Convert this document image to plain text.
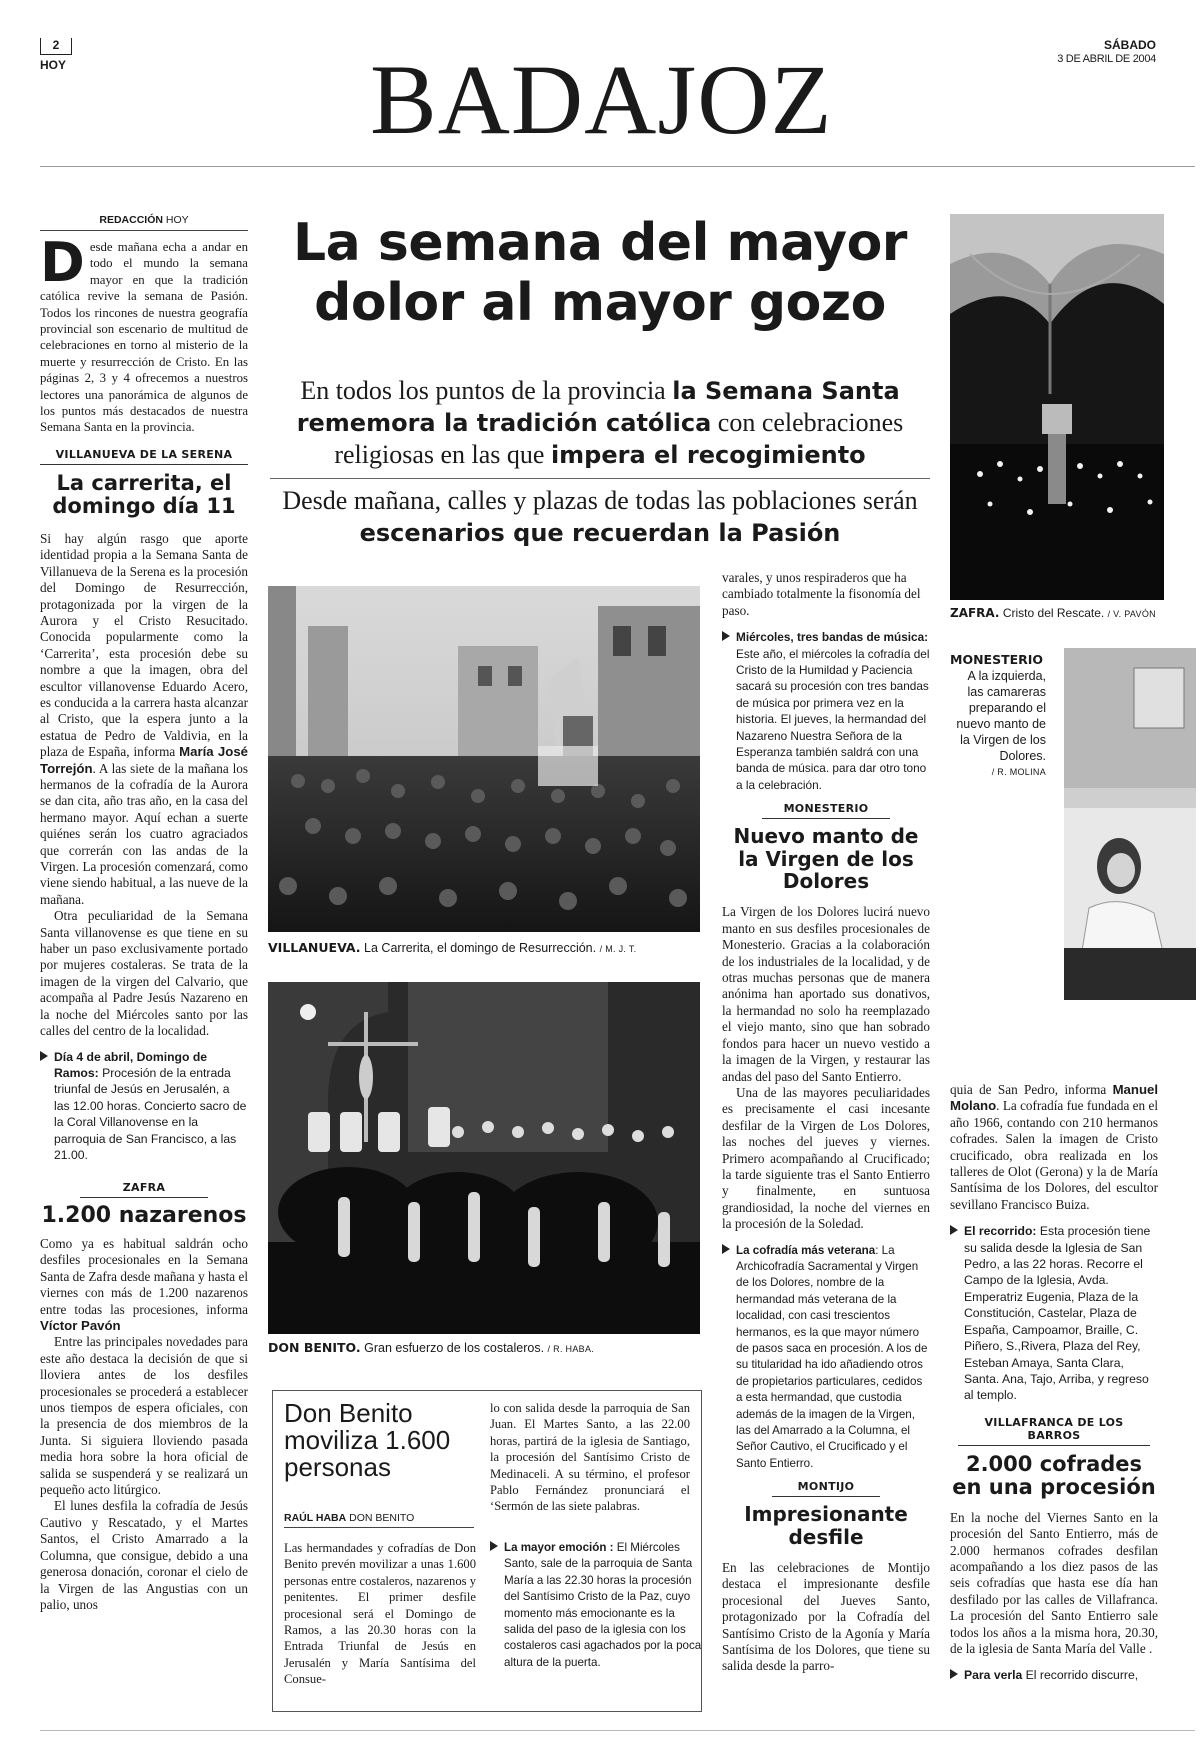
2
HOY
SÁBADO
3 DE ABRIL DE 2004
BADAJOZ
REDACCIÓN HOY

Desde mañana echa a andar en todo el mundo la semana mayor en que la tradición católica revive la semana de Pasión. Todos los rincones de nuestra geografía provincial son escenario de multitud de celebraciones en torno al misterio de la muerte y resurrección de Cristo. En las páginas 2, 3 y 4 ofrecemos a nuestros lectores una panorámica de algunos de los puntos más destacados de nuestra Semana Santa en la provincia.

VILLANUEVA DE LA SERENA
La carrerita, el domingo día 11

Si hay algún rasgo que aporte identidad propia a la Semana Santa de Villanueva de la Serena es la procesión del Domingo de Resurrección, protagonizada por la virgen de la Aurora y el Cristo Resucitado. Conocida popularmente como la ‘Carrerita’, esta procesión debe su nombre a que la imagen, obra del escultor villanovense Eduardo Acero, es conducida a la carrera hasta alcanzar al Cristo, que la espera junto a la estatua de Pedro de Valdivia, en la plaza de España, informa María José Torrejón. A las siete de la mañana los hermanos de la cofradía de la Aurora se dan cita, año tras año, en la casa del hermano mayor. Aquí echan a suerte quiénes serán los cuatro agraciados que correrán con las andas de la Virgen. La procesión comenzará, como viene siendo habitual, a las nueve de la mañana.

Otra peculiaridad de la Semana Santa villanovense es que tiene en su haber un paso exclusivamente portado por mujeres costaleras. Se trata de la imagen de la virgen del Calvario, que acompaña al Padre Jesús Nazareno en la noche del Miércoles santo por las calles del centro de la localidad.

Día 4 de abril, Domingo de Ramos: Procesión de la entrada triunfal de Jesús en Jerusalén, a las 12.00 horas. Concierto sacro de la Coral Villanovense en la parroquia de San Francisco, a las 21.00.

ZAFRA
1.200 nazarenos

Como ya es habitual saldrán ocho desfiles procesionales en la Semana Santa de Zafra desde mañana y hasta el viernes con más de 1.200 nazarenos entre todas las procesiones, informa Víctor Pavón

Entre las principales novedades para este año destaca la decisión de que si lloviera antes de los desfiles procesionales se procederá a establecer unos tiempos de espera oficiales, con la presencia de dos miembros de la Junta. Si siguiera lloviendo pasada media hora sobre la hora oficial de salida se suspenderá y se realizará un pequeño acto litúrgico.

El lunes desfila la cofradía de Jesús Cautivo y Rescatado, y el Martes Santos, el Cristo Amarrado a la Columna, que consigue, debido a una generosa donación, coronar el cielo de la Virgen de las Angustias con un palio, unos

La semana del mayor dolor al mayor gozo
En todos los puntos de la provincia la Semana Santa rememora la tradición católica con celebraciones religiosas en las que impera el recogimiento
Desde mañana, calles y plazas de todas las poblaciones serán escenarios que recuerdan la Pasión
VILLANUEVA. La Carrerita, el domingo de Resurrección. / M. J. T.
DON BENITO. Gran esfuerzo de los costaleros. / R. HABA.
Don Benito moviliza 1.600 personas
RAÚL HABA DON BENITO

Las hermandades y cofradías de Don Benito prevén movilizar a unas 1.600 personas entre costaleros, nazarenos y penitentes. El primer desfile procesional será el Domingo de Ramos, a las 20.30 horas con la Entrada Triunfal de Jesús en Jerusalén y María Santísima del Consue-

lo con salida desde la parroquia de San Juan. El Martes Santo, a las 22.00 horas, partirá de la iglesia de Santiago, la procesión del Santísimo Cristo de Medinaceli. A su término, el profesor Pablo Fernández pronunciará el ‘Sermón de las siete palabras.

La mayor emoción : El Miércoles Santo, sale de la parroquia de Santa María a las 22.30 horas la procesión del Santísimo Cristo de la Paz, cuyo momento más emocionante es la salida del paso de la iglesia con los costaleros casi agachados por la poca altura de la puerta.

varales, y unos respiraderos que ha cambiado totalmente la fisonomía del paso.

Miércoles, tres bandas de música: Este año, el miércoles la cofradía del Cristo de la Humildad y Paciencia sacará su procesión con tres bandas de música por primera vez en la historia. El jueves, la hermandad del Nazareno Nuestra Señora de la Esperanza también saldrá con una banda de música. para dar otro tono a la celebración.

MONESTERIO
Nuevo manto de la Virgen de los Dolores

La Virgen de los Dolores lucirá nuevo manto en sus desfiles procesionales de Monesterio. Gracias a la colaboración de los industriales de la localidad, y de otras muchas personas que de manera anónima han aportado sus donativos, la hermandad no solo ha reemplazado el viejo manto, sino que han sobrado fondos para hacer un nuevo vestido a la imagen de la Virgen, y restaurar las andas del paso del Santo Entierro.

Una de las mayores peculiaridades es precisamente el casi incesante desfilar de la Virgen de Los Dolores, las noches del jueves y viernes. Primero acompañando al Crucificado; la tarde siguiente tras el Santo Entierro y finalmente, en suntuosa grandiosidad, la noche del viernes en la procesión de la Soledad.

La cofradía más veterana: La Archicofradía Sacramental y Virgen de los Dolores, nombre de la hermandad más veterana de la localidad, con casi trescientos hermanos, es la que mayor número de pasos saca en procesión. A los de su titularidad ha ido añadiendo otros de propietarios particulares, cedidos a esta hermandad, que custodia además de la imagen de la Virgen, las del Amarrado a la Columna, el Señor Cautivo, el Crucificado y el Santo Entierro.

MONTIJO
Impresionante desfile

En las celebraciones de Montijo destaca el impresionante desfile procesional del Jueves Santo, protagonizado por la Cofradía del Santísimo Cristo de la Agonía y María Santísima de los Dolores, que tiene su salida desde la parro-

ZAFRA. Cristo del Rescate. / V. PAVÓN
MONESTERIO
A la izquierda, las camareras preparando el nuevo manto de la Virgen de los Dolores.
/ R. MOLINA

quia de San Pedro, informa Manuel Molano. La cofradía fue fundada en el año 1966, contando con 210 hermanos cofrades. Salen la imagen de Cristo crucificado, obra realizada en los talleres de Olot (Gerona) y la de María Santísima de los Dolores, del escultor sevillano Francisco Buiza.

El recorrido: Esta procesión tiene su salida desde la Iglesia de San Pedro, a las 22 horas. Recorre el Campo de la Iglesia, Avda. Emperatriz Eugenia, Plaza de la Constitución, Castelar, Plaza de España, Campoamor, Braille, C. Piñero, S.,Rivera, Plaza del Rey, Esteban Amaya, Santa Clara, Santa. Ana, Tajo, Arriba, y regreso al templo.

VILLAFRANCA DE LOS BARROS
2.000 cofrades en una procesión

En la noche del Viernes Santo en la procesión del Santo Entierro, más de 2.000 hermanos cofrades desfilan acompañando a los diez pasos de las seis cofradías que hasta ese día han desfilado por las calles de Villafranca. La procesión del Santo Entierro sale todos los años a la misma hora, 20.30, de la iglesia de Santa María del Valle .

Para verla El recorrido discurre,
